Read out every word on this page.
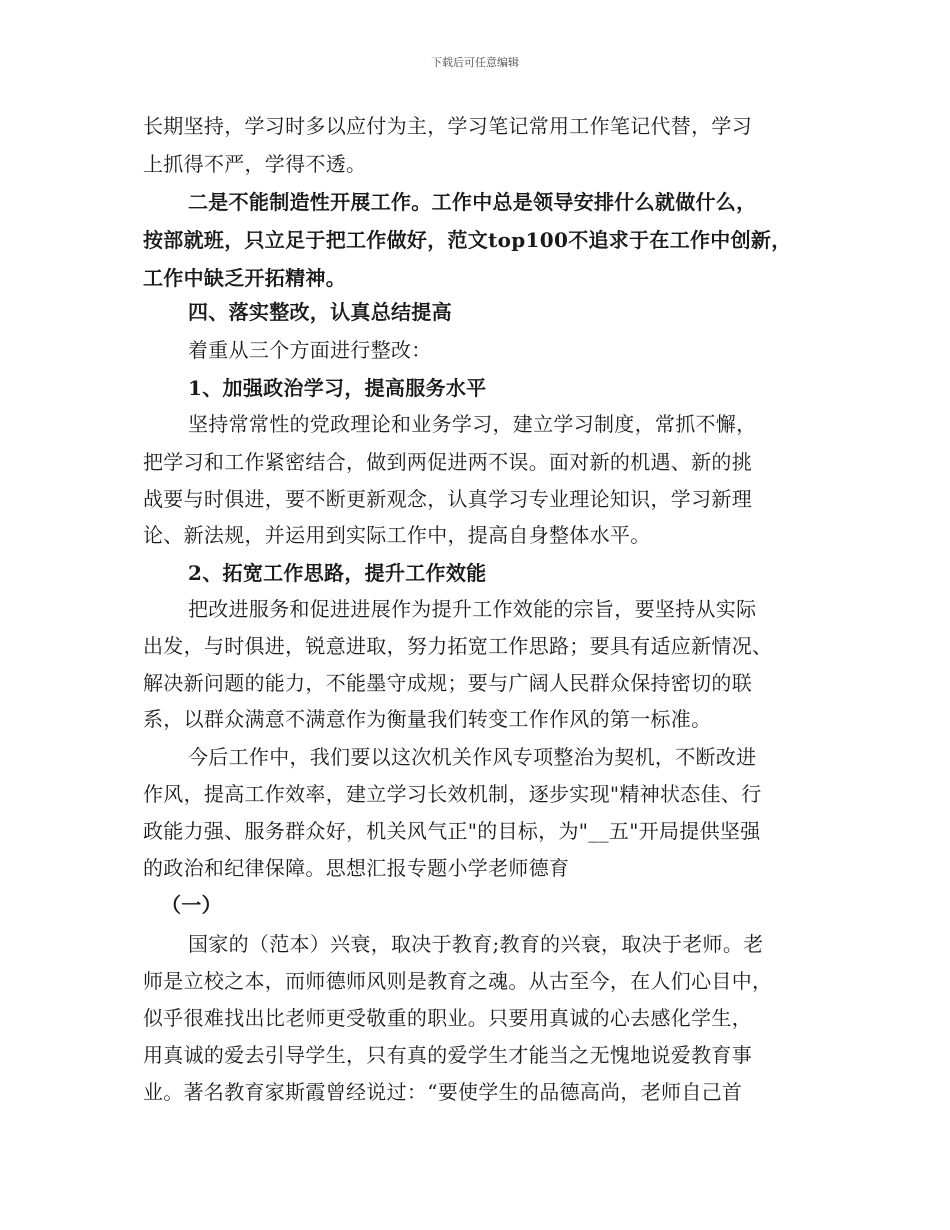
下载后可任意编辑
长期坚持，学习时多以应付为主，学习笔记常用工作笔记代替，学习
上抓得不严，学得不透。
二是不能制造性开展工作。工作中总是领导安排什么就做什么，
按部就班，只立足于把工作做好，范文top100不追求于在工作中创新，
工作中缺乏开拓精神。
四、落实整改，认真总结提高
着重从三个方面进行整改：
1、加强政治学习，提高服务水平
坚持常常性的党政理论和业务学习，建立学习制度，常抓不懈，
把学习和工作紧密结合，做到两促进两不误。面对新的机遇、新的挑
战要与时俱进，要不断更新观念，认真学习专业理论知识，学习新理
论、新法规，并运用到实际工作中，提高自身整体水平。
2、拓宽工作思路，提升工作效能
把改进服务和促进进展作为提升工作效能的宗旨，要坚持从实际
出发，与时俱进，锐意进取，努力拓宽工作思路；要具有适应新情况、
解决新问题的能力，不能墨守成规；要与广阔人民群众保持密切的联
系，以群众满意不满意作为衡量我们转变工作作风的第一标准。
今后工作中，我们要以这次机关作风专项整治为契机，不断改进
作风，提高工作效率，建立学习长效机制，逐步实现"精神状态佳、行
政能力强、服务群众好，机关风气正"的目标，为"__五"开局提供坚强
的政治和纪律保障。思想汇报专题小学老师德育
（一）
国家的（范本）兴衰，取决于教育;教育的兴衰，取决于老师。老
师是立校之本，而师德师风则是教育之魂。从古至今，在人们心目中，
似乎很难找出比老师更受敬重的职业。只要用真诚的心去感化学生，
用真诚的爱去引导学生，只有真的爱学生才能当之无愧地说爱教育事
业。著名教育家斯霞曾经说过：“要使学生的品德高尚，老师自己首
